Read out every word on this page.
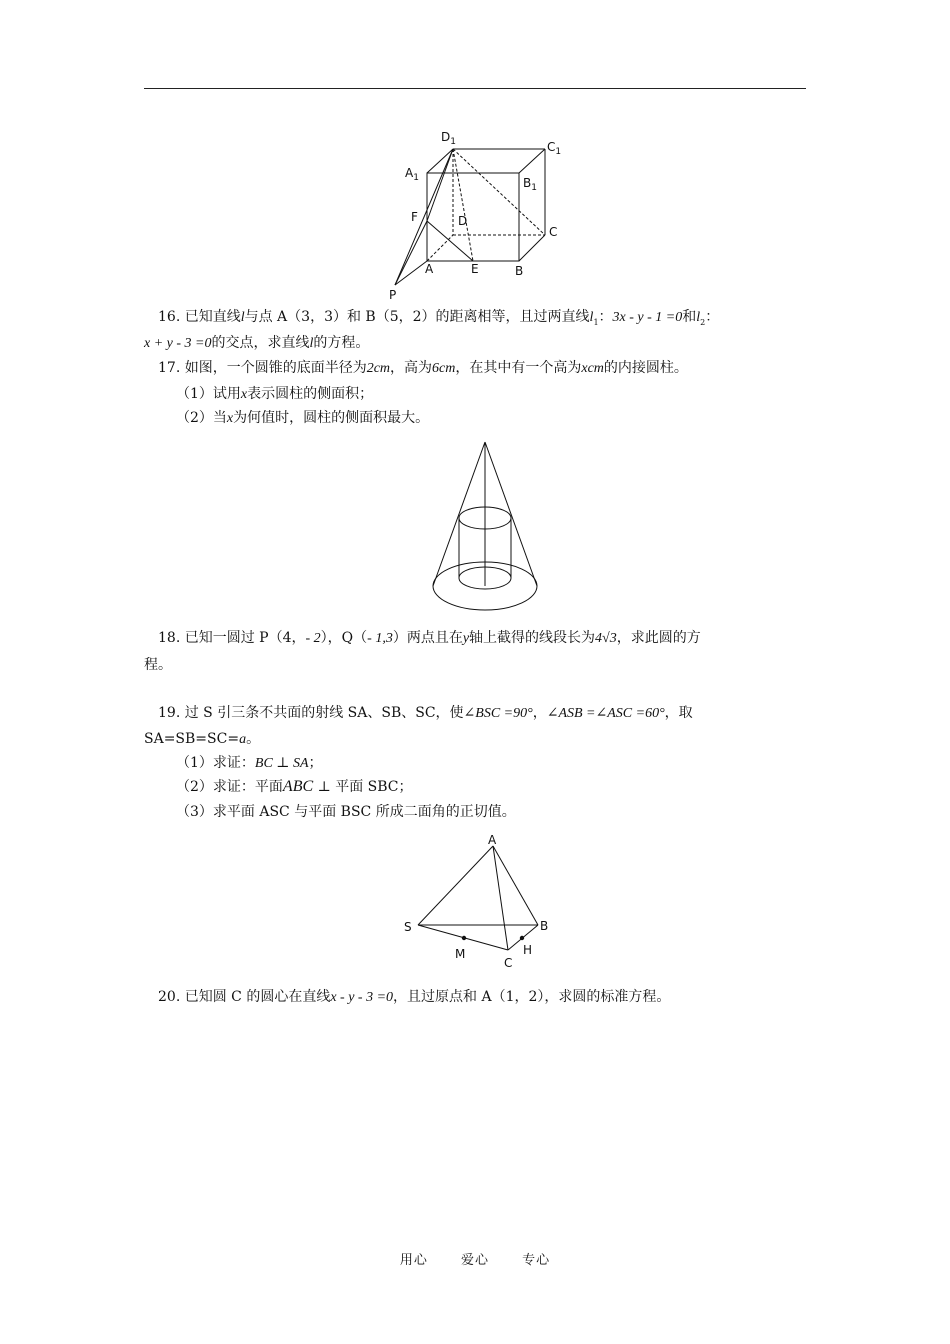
$D_1$	$C_1$
$A_1$	$B_1$
F	D
C
A	E	B
P
16. 已知直线l与点 A（3，3）和 B（5，2）的距离相等，且过两直线$l_1$：3x - y - 1 =0和$l_2$：
x + y - 3 =0的交点，求直线l的方程。
17. 如图，一个圆锥的底面半径为2cm，高为6cm，在其中有一个高为xcm的内接圆柱。
（1）试用x表示圆柱的侧面积；
（2）当x为何值时，圆柱的侧面积最大。
18. 已知一圆过 P（4，- 2），Q（- 1,3）两点且在y轴上截得的线段长为4√3，求此圆的方
程。
19. 过 S 引三条不共面的射线 SA、SB、SC，使∠BSC =90°，∠ASB =∠ASC =60°，取
SA=SB=SC=a。
（1）求证：BC ⊥ SA；
（2）求证：平面ABC ⊥ 平面 SBC；
（3）求平面 ASC 与平面 BSC 所成二面角的正切值。
A
S	B
M
C
H
20. 已知圆 C 的圆心在直线x - y - 3 =0，且过原点和 A（1，2），求圆的标准方程。
用心	爱心	专心
